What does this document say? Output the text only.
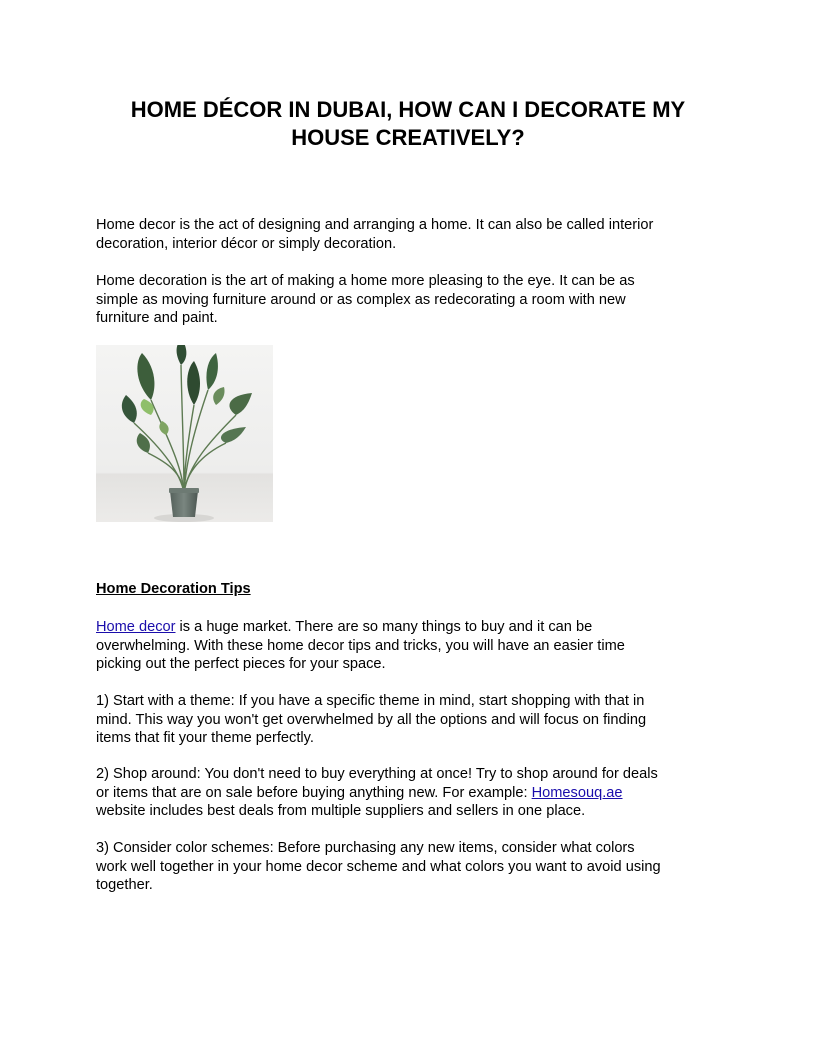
HOME DÉCOR IN DUBAI, HOW CAN I DECORATE MY
HOUSE CREATIVELY?

Home decor is the act of designing and arranging a home. It can also be called interior
decoration, interior décor or simply decoration.

Home decoration is the art of making a home more pleasing to the eye. It can be as
simple as moving furniture around or as complex as redecorating a room with new
furniture and paint.

Home Decoration Tips

Home decor is a huge market. There are so many things to buy and it can be
overwhelming. With these home decor tips and tricks, you will have an easier time
picking out the perfect pieces for your space.

1) Start with a theme: If you have a specific theme in mind, start shopping with that in
mind. This way you won't get overwhelmed by all the options and will focus on finding
items that fit your theme perfectly.

2) Shop around: You don't need to buy everything at once! Try to shop around for deals
or items that are on sale before buying anything new. For example: Homesouq.ae
website includes best deals from multiple suppliers and sellers in one place.

3) Consider color schemes: Before purchasing any new items, consider what colors
work well together in your home decor scheme and what colors you want to avoid using
together.
